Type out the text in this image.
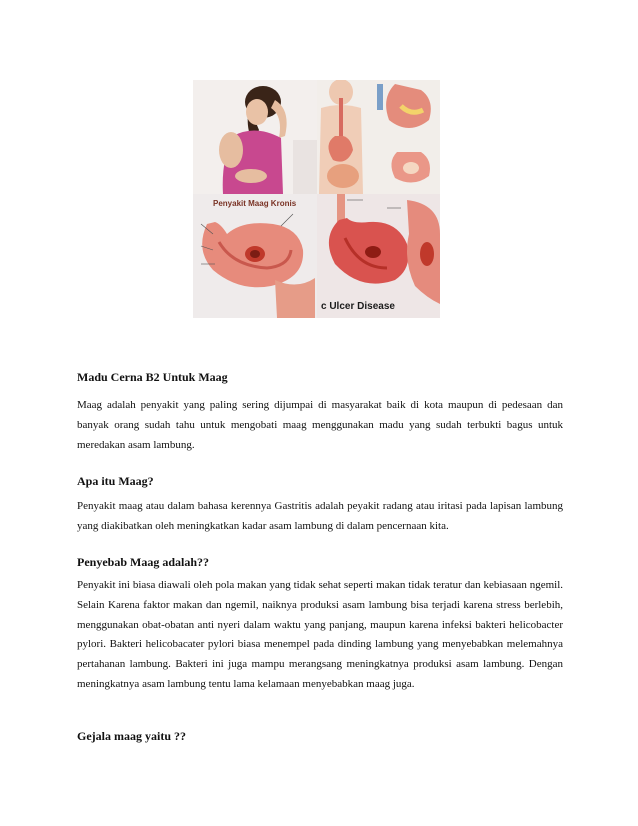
Penyakit Maag Kronis
c Ulcer Disease
Madu Cerna B2 Untuk Maag

Maag adalah penyakit yang paling sering dijumpai di masyarakat baik di kota maupun di pedesaan dan banyak orang sudah tahu untuk mengobati maag menggunakan madu yang sudah terbukti bagus untuk meredakan asam lambung.

Apa itu Maag?

Penyakit maag atau dalam bahasa kerennya Gastritis adalah peyakit radang atau iritasi pada lapisan lambung yang diakibatkan oleh meningkatkan kadar asam lambung di dalam pencernaan kita.

Penyebab Maag adalah??

Penyakit ini biasa diawali oleh pola makan yang tidak sehat seperti makan tidak teratur dan kebiasaan ngemil. Selain Karena faktor makan dan ngemil, naiknya produksi asam lambung bisa terjadi karena stress berlebih, menggunakan obat-obatan anti nyeri dalam waktu yang panjang, maupun karena infeksi bakteri helicobacter pylori. Bakteri helicobacater pylori biasa menempel pada dinding lambung yang menyebabkan melemahnya pertahanan lambung. Bakteri ini juga mampu merangsang meningkatnya produksi asam lambung. Dengan meningkatnya asam lambung tentu lama kelamaan menyebabkan maag juga.

Gejala maag yaitu ??
